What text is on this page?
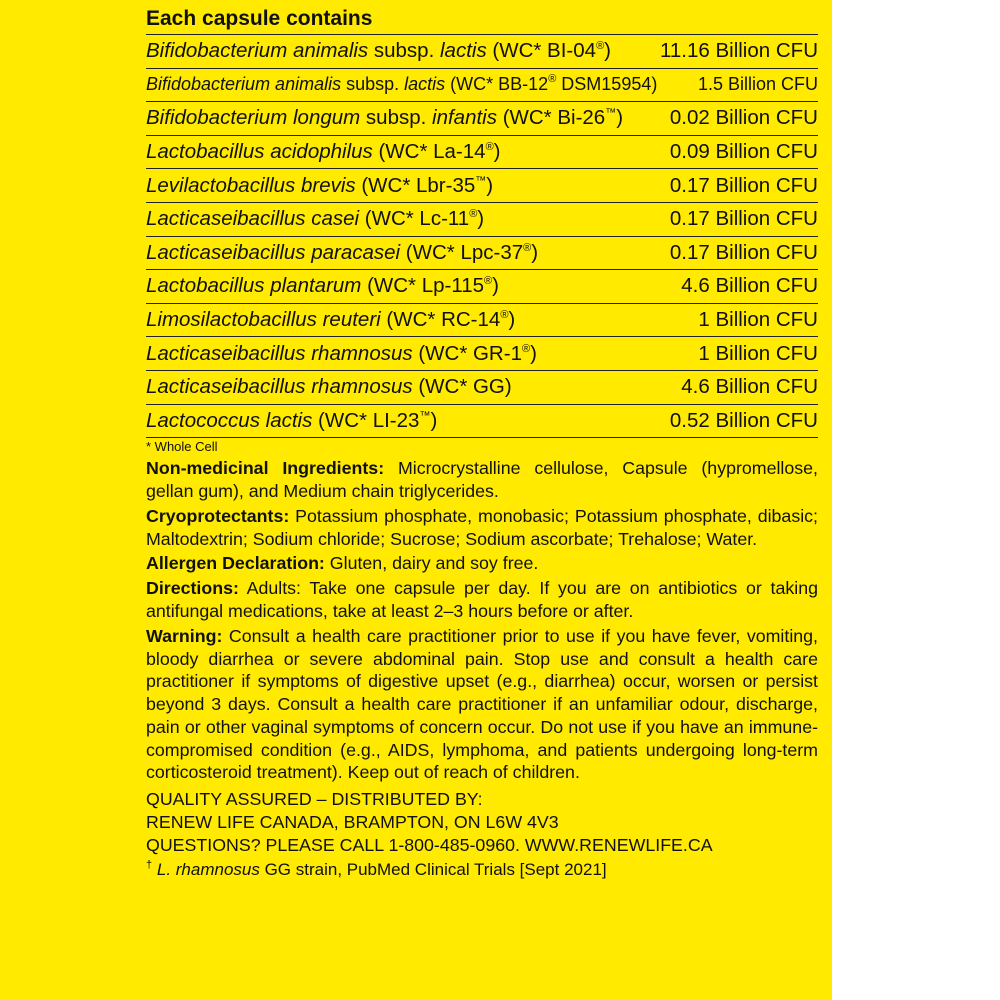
Each capsule contains
Bifidobacterium animalis subsp. lactis (WC* BI-04®) 11.16 Billion CFU
Bifidobacterium animalis subsp. lactis (WC* BB-12® DSM15954) 1.5 Billion CFU
Bifidobacterium longum subsp. infantis (WC* Bi-26™) 0.02 Billion CFU
Lactobacillus acidophilus (WC* La-14®)	0.09 Billion CFU
Levilactobacillus brevis (WC* Lbr-35™)	0.17 Billion CFU
Lacticaseibacillus casei (WC* Lc-11®)	0.17 Billion CFU
Lacticaseibacillus paracasei (WC* Lpc-37®)	0.17 Billion CFU
Lactobacillus plantarum (WC* Lp-115®)	4.6 Billion CFU
Limosilactobacillus reuteri (WC* RC-14®)	1 Billion CFU
Lacticaseibacillus rhamnosus (WC* GR-1®)	1 Billion CFU
Lacticaseibacillus rhamnosus (WC* GG)	4.6 Billion CFU
Lactococcus lactis (WC* LI-23™)	0.52 Billion CFU
* Whole Cell
Non-medicinal Ingredients: Microcrystalline cellulose, Capsule (hypromellose, gellan gum), and Medium chain triglycerides.
Cryoprotectants: Potassium phosphate, monobasic; Potassium phosphate, dibasic; Maltodextrin; Sodium chloride; Sucrose; Sodium ascorbate; Trehalose; Water.
Allergen Declaration: Gluten, dairy and soy free.
Directions: Adults: Take one capsule per day. If you are on antibiotics or taking antifungal medications, take at least 2–3 hours before or after.
Warning: Consult a health care practitioner prior to use if you have fever, vomiting, bloody diarrhea or severe abdominal pain. Stop use and consult a health care practitioner if symptoms of digestive upset (e.g., diarrhea) occur, worsen or persist beyond 3 days. Consult a health care practitioner if an unfamiliar odour, discharge, pain or other vaginal symptoms of concern occur. Do not use if you have an immune-compromised condition (e.g., AIDS, lymphoma, and patients undergoing long-term corticosteroid treatment). Keep out of reach of children.
QUALITY ASSURED – DISTRIBUTED BY:
RENEW LIFE CANADA, BRAMPTON, ON L6W 4V3
QUESTIONS? PLEASE CALL 1-800-485-0960. WWW.RENEWLIFE.CA
† L. rhamnosus GG strain, PubMed Clinical Trials [Sept 2021]
